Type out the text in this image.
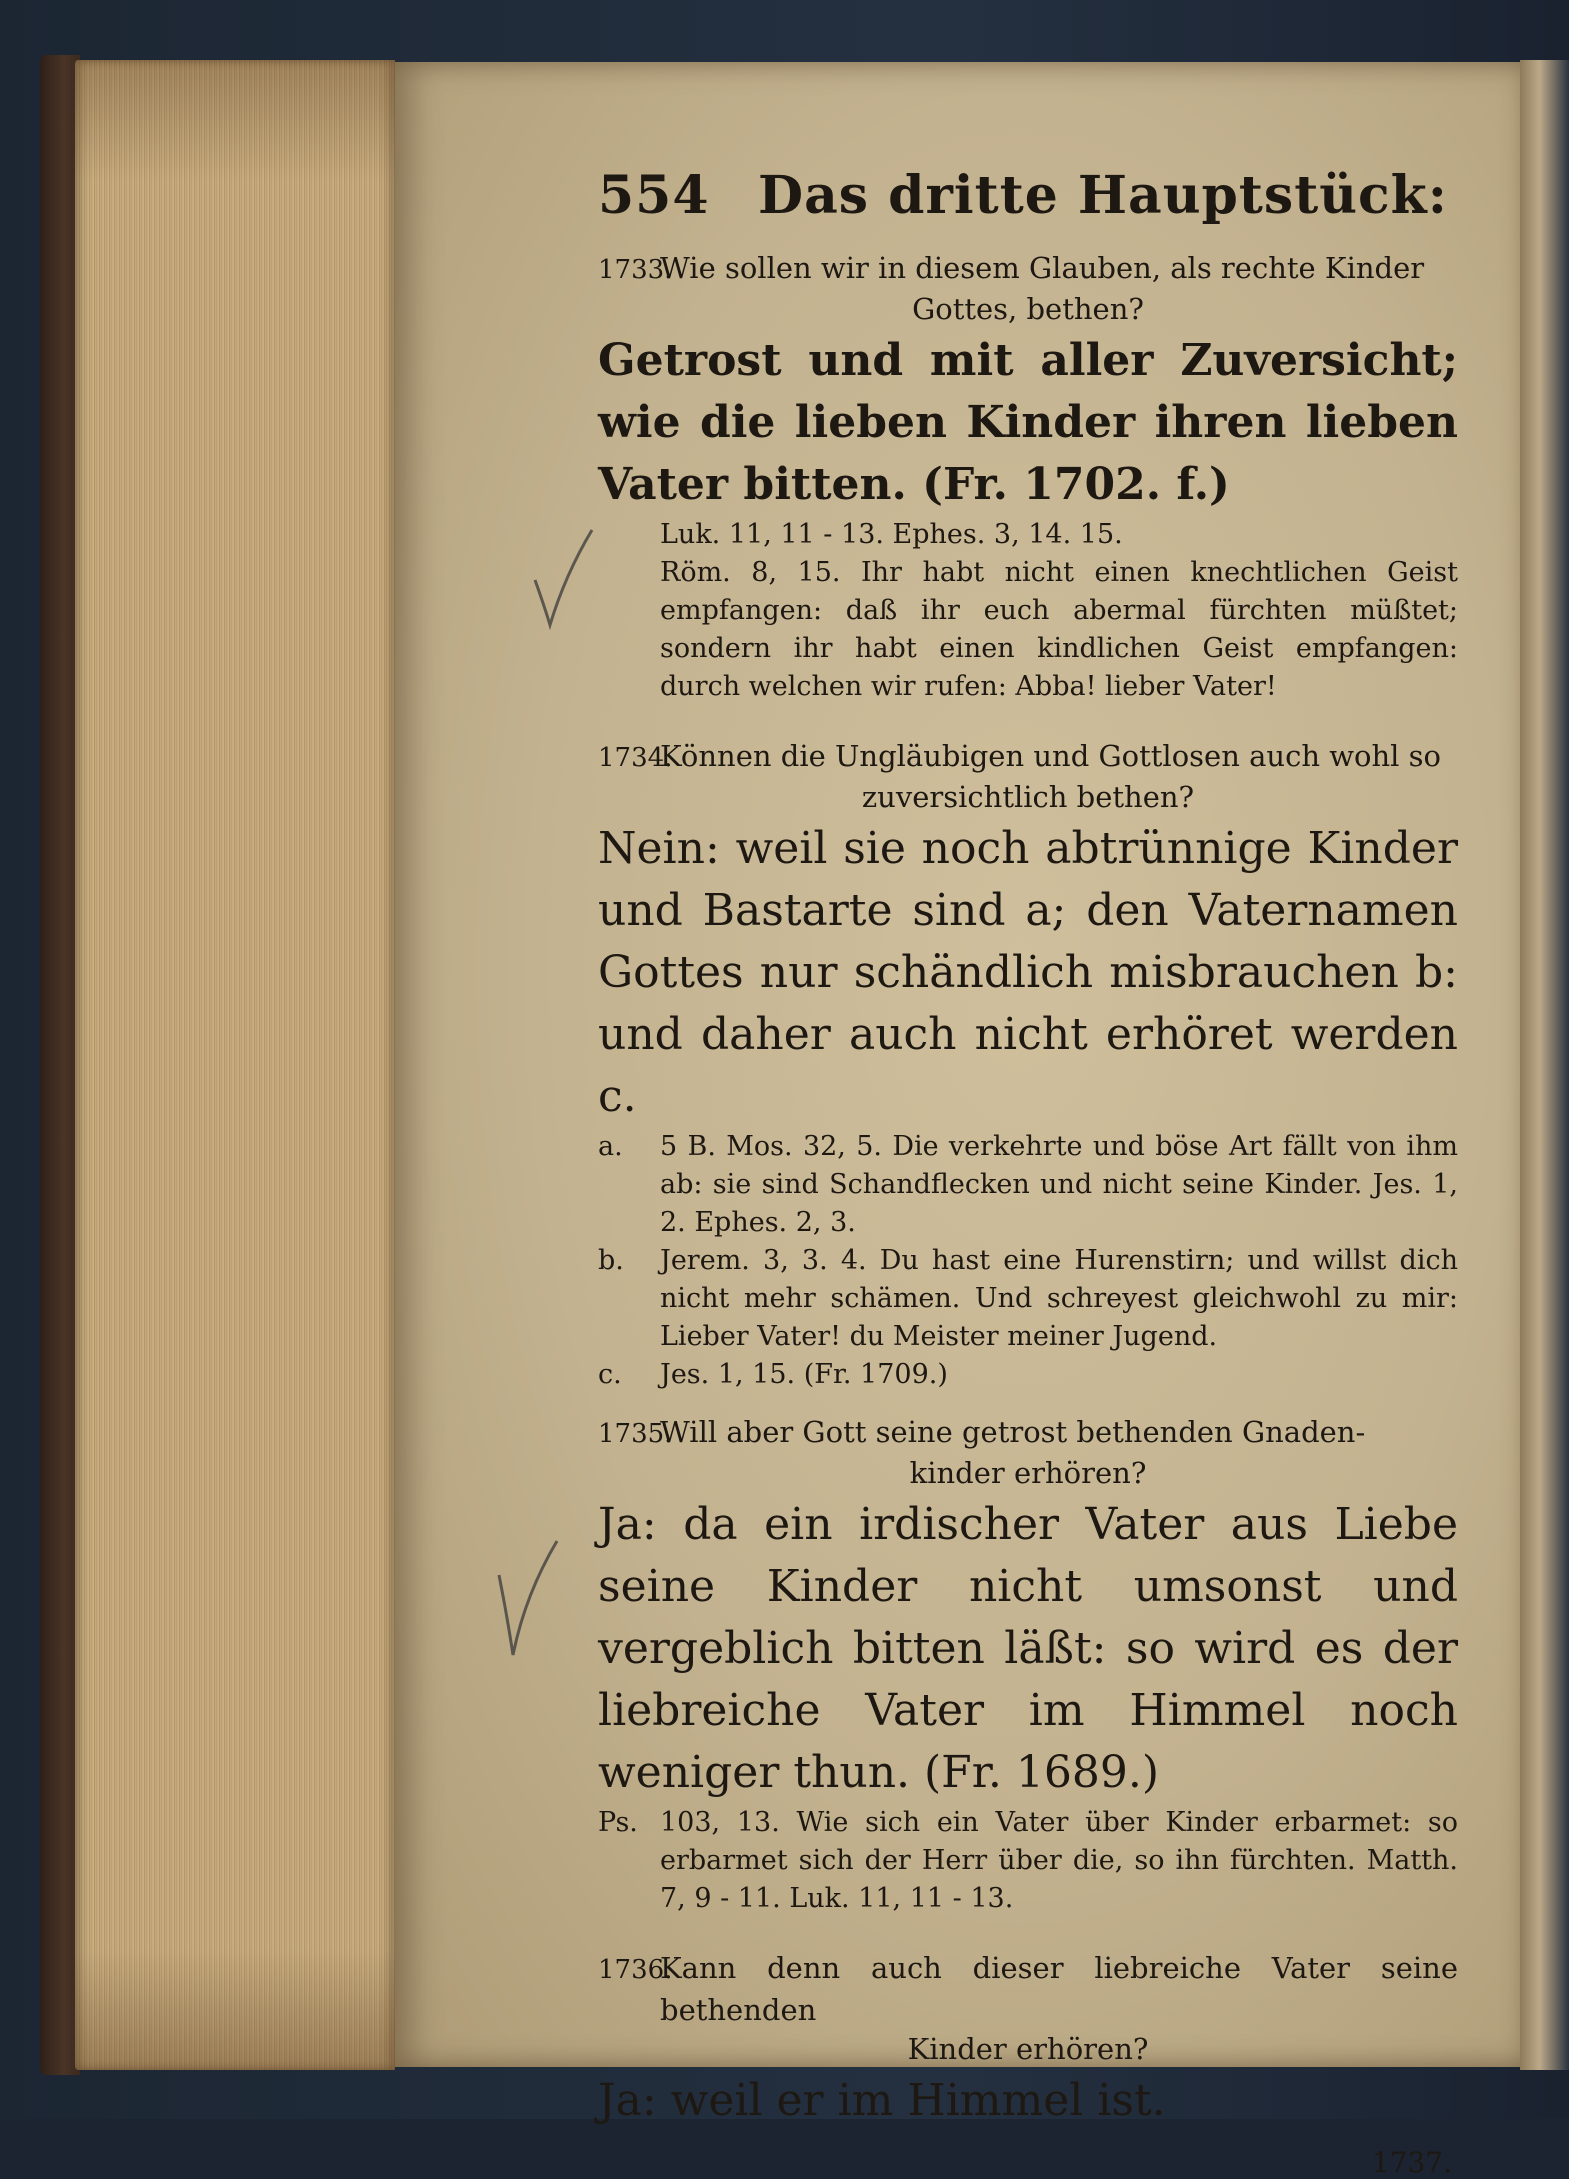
554 Das dritte Hauptstück:
1733.Wie sollen wir in diesem Glauben, als rechte Kinder
Gottes, bethen?
Getrost und mit aller Zuversicht; wie die lieben Kinder ihren lieben Vater bitten. (Fr. 1702. f.)
Luk. 11, 11 - 13. Ephes. 3, 14. 15.
Röm. 8, 15. Ihr habt nicht einen knechtlichen Geist empfangen: daß ihr euch abermal fürchten müßtet; sondern ihr habt einen kindlichen Geist empfangen: durch welchen wir rufen: Abba! lieber Vater!
1734.Können die Ungläubigen und Gottlosen auch wohl so
zuversichtlich bethen?
Nein: weil sie noch abtrünnige Kinder und Bastarte sind a; den Vaternamen Gottes nur schändlich misbrauchen b: und daher auch nicht erhöret werden c.
a. 5 B. Mos. 32, 5. Die verkehrte und böse Art fällt von ihm ab: sie sind Schandflecken und nicht seine Kinder. Jes. 1, 2. Ephes. 2, 3.
b. Jerem. 3, 3. 4. Du hast eine Hurenstirn; und willst dich nicht mehr schämen. Und schreyest gleichwohl zu mir: Lieber Vater! du Meister meiner Jugend.
c. Jes. 1, 15. (Fr. 1709.)
1735.Will aber Gott seine getrost bethenden Gnaden-
kinder erhören?
Ja: da ein irdischer Vater aus Liebe seine Kinder nicht umsonst und vergeblich bitten läßt: so wird es der liebreiche Vater im Himmel noch weniger thun. (Fr. 1689.)
Ps. 103, 13. Wie sich ein Vater über Kinder erbarmet: so erbarmet sich der Herr über die, so ihn fürchten. Matth. 7, 9 - 11. Luk. 11, 11 - 13.
1736.Kann denn auch dieser liebreiche Vater seine bethenden
Kinder erhören?
Ja: weil er im Himmel ist.
1737.
